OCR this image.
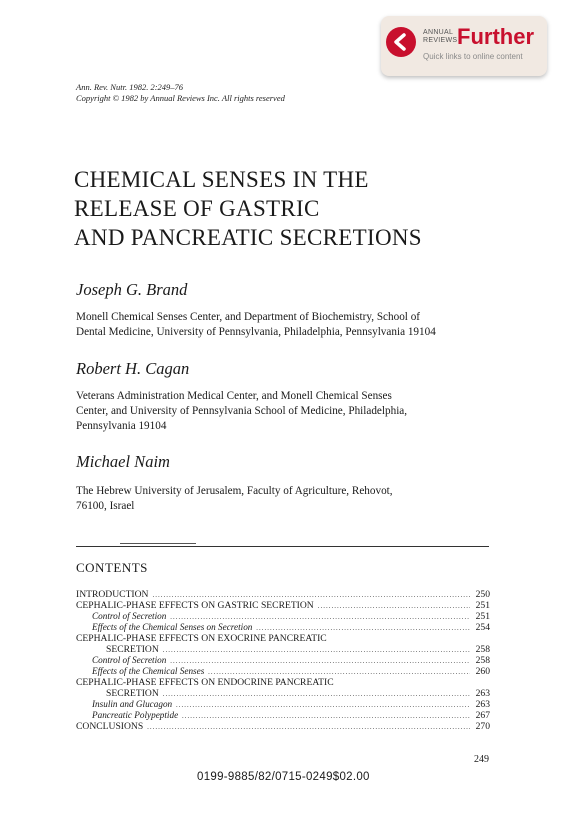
ANNUAL
REVIEWS Further
Quick links to online content
Ann. Rev. Nutr. 1982. 2:249–76
Copyright © 1982 by Annual Reviews Inc. All rights reserved
CHEMICAL SENSES IN THE
RELEASE OF GASTRIC
AND PANCREATIC SECRETIONS
Joseph G. Brand
Monell Chemical Senses Center, and Department of Biochemistry, School of
Dental Medicine, University of Pennsylvania, Philadelphia, Pennsylvania 19104
Robert H. Cagan
Veterans Administration Medical Center, and Monell Chemical Senses
Center, and University of Pennsylvania School of Medicine, Philadelphia,
Pennsylvania 19104
Michael Naim
The Hebrew University of Jerusalem, Faculty of Agriculture, Rehovot,
76100, Israel
CONTENTS
INTRODUCTION .....	250
CEPHALIC-PHASE EFFECTS ON GASTRIC SECRETION .....	251
Control of Secretion .....	251
Effects of the Chemical Senses on Secretion .....	254
CEPHALIC-PHASE EFFECTS ON EXOCRINE PANCREATIC
SECRETION .....	258
Control of Secretion .....	258
Effects of the Chemical Senses .....	260
CEPHALIC-PHASE EFFECTS ON ENDOCRINE PANCREATIC
SECRETION .....	263
Insulin and Glucagon .....	263
Pancreatic Polypeptide .....	267
CONCLUSIONS .....	270
249
0199-9885/82/0715-0249$02.00
